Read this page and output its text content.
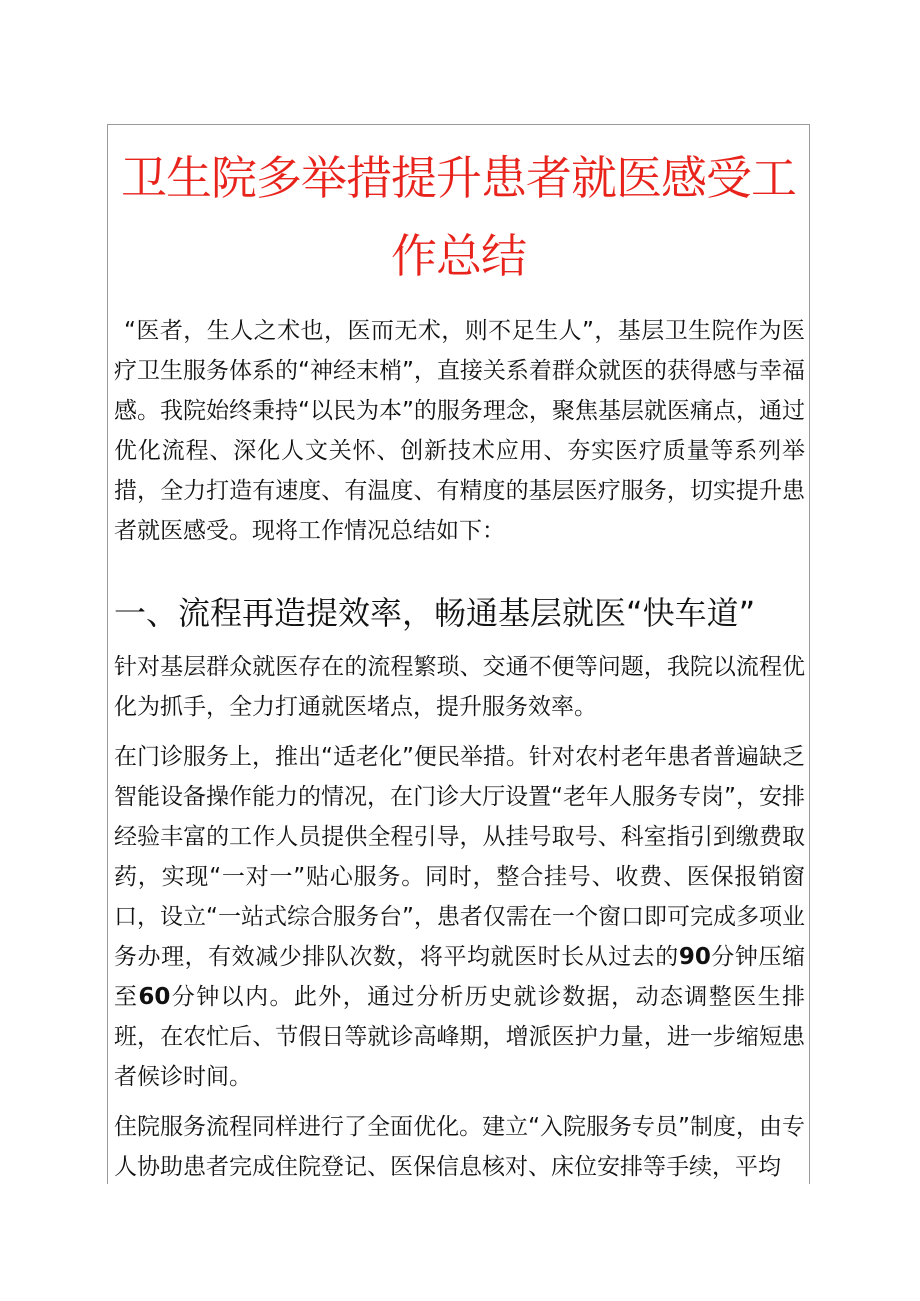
卫生院多举措提升患者就医感受工作总结

“医者，生人之术也，医而无术，则不足生人”，基层卫生院作为医疗卫生服务体系的“神经末梢”，直接关系着群众就医的获得感与幸福感。我院始终秉持“以民为本”的服务理念，聚焦基层就医痛点，通过优化流程、深化人文关怀、创新技术应用、夯实医疗质量等系列举措，全力打造有速度、有温度、有精度的基层医疗服务，切实提升患者就医感受。现将工作情况总结如下：

一、流程再造提效率，畅通基层就医“快车道”

针对基层群众就医存在的流程繁琐、交通不便等问题，我院以流程优化为抓手，全力打通就医堵点，提升服务效率。

在门诊服务上，推出“适老化”便民举措。针对农村老年患者普遍缺乏智能设备操作能力的情况，在门诊大厅设置“老年人服务专岗”，安排经验丰富的工作人员提供全程引导，从挂号取号、科室指引到缴费取药，实现“一对一”贴心服务。同时，整合挂号、收费、医保报销窗口，设立“一站式综合服务台”，患者仅需在一个窗口即可完成多项业务办理，有效减少排队次数，将平均就医时长从过去的90分钟压缩至60分钟以内。此外，通过分析历史就诊数据，动态调整医生排班，在农忙后、节假日等就诊高峰期，增派医护力量，进一步缩短患者候诊时间。

住院服务流程同样进行了全面优化。建立“入院服务专员”制度，由专人协助患者完成住院登记、医保信息核对、床位安排等手续，平均
